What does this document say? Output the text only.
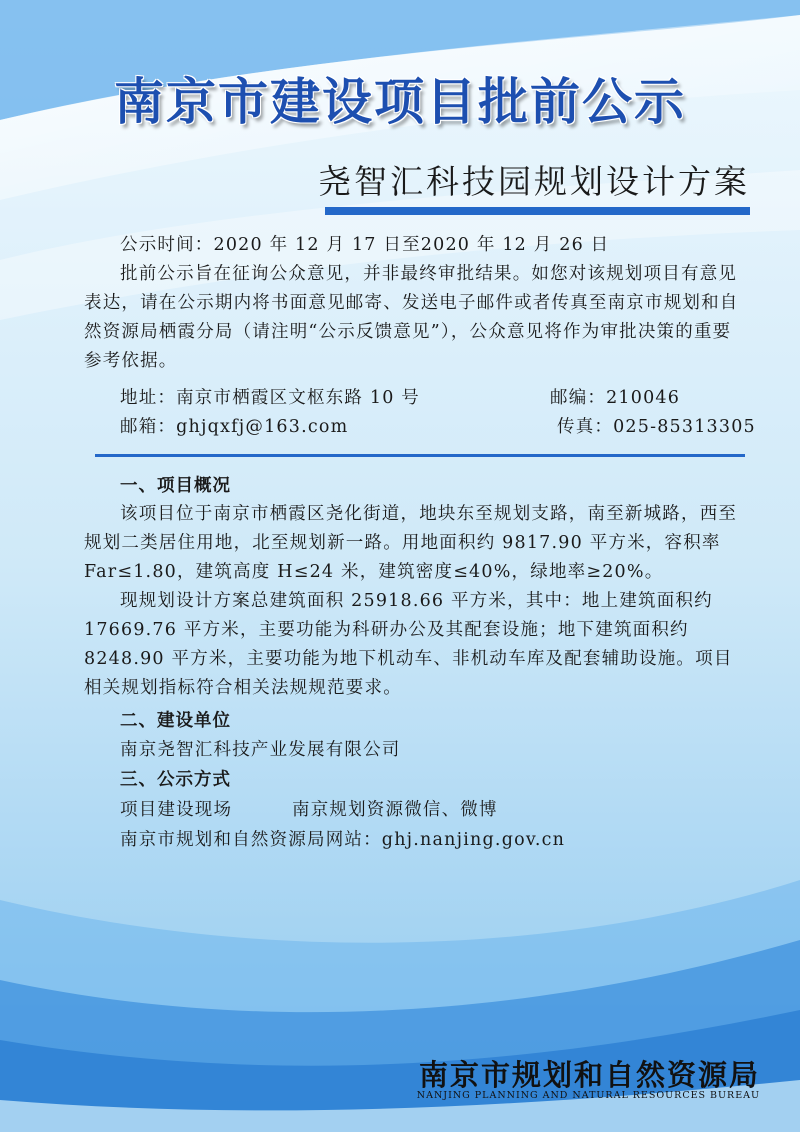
南京市建设项目批前公示
尧智汇科技园规划设计方案
公示时间：2020 年 12 月 17 日至2020 年 12 月 26 日
批前公示旨在征询公众意见，并非最终审批结果。如您对该规划项目有意见表达，请在公示期内将书面意见邮寄、发送电子邮件或者传真至南京市规划和自然资源局栖霞分局（请注明“公示反馈意见”），公众意见将作为审批决策的重要参考依据。
地址：南京市栖霞区文枢东路 10 号	邮编：210046
邮箱：ghjqxfj@163.com	传真：025-85313305
一、项目概况
该项目位于南京市栖霞区尧化街道，地块东至规划支路，南至新城路，西至规划二类居住用地，北至规划新一路。用地面积约 9817.90 平方米，容积率 Far≤1.80，建筑高度 H≤24 米，建筑密度≤40%，绿地率≥20%。
现规划设计方案总建筑面积 25918.66 平方米，其中：地上建筑面积约 17669.76 平方米，主要功能为科研办公及其配套设施；地下建筑面积约 8248.90 平方米，主要功能为地下机动车、非机动车库及配套辅助设施。项目相关规划指标符合相关法规规范要求。
二、建设单位
南京尧智汇科技产业发展有限公司
三、公示方式
项目建设现场	南京规划资源微信、微博
南京市规划和自然资源局网站：ghj.nanjing.gov.cn
南京市规划和自然资源局
NANJING PLANNING AND NATURAL RESOURCES BUREAU
